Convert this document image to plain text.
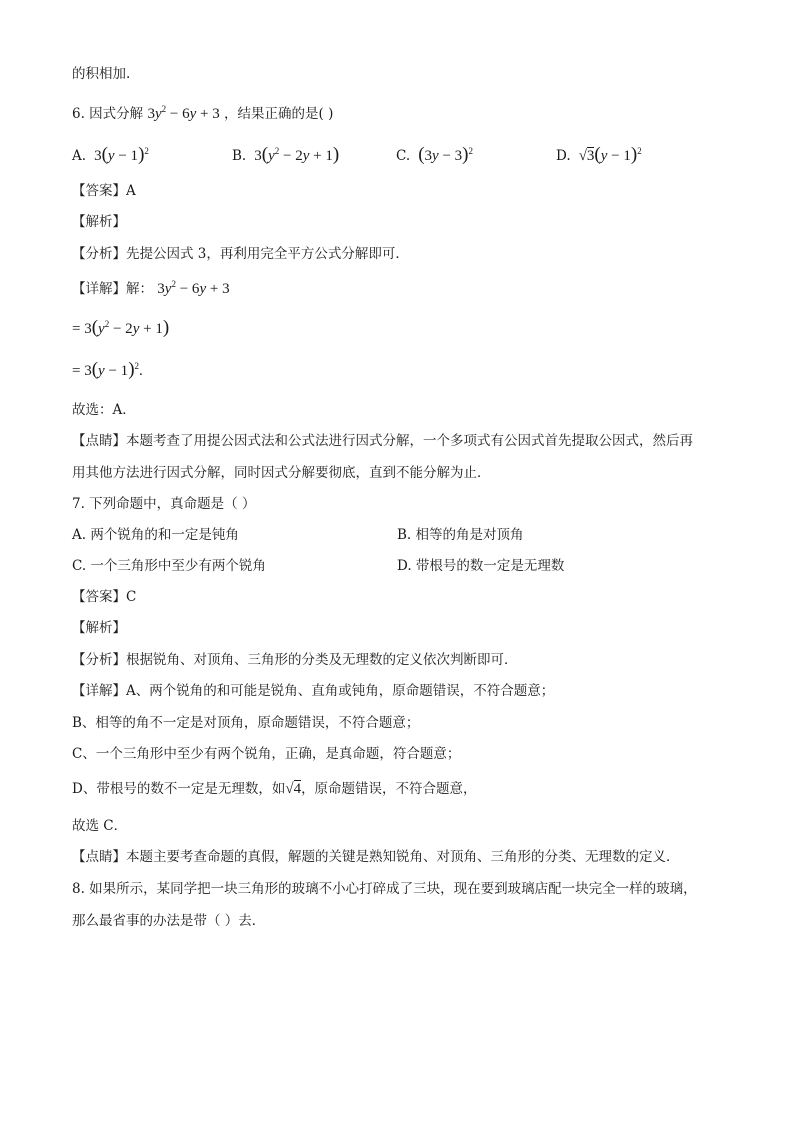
的积相加.
6. 因式分解 $3y^2 - 6y + 3$ ，结果正确的是( )
A.  $3(y - 1)^2$	B.  $3(y^2 - 2y + 1)$	C. $(3y - 3)^2$	D.  $√3(y - 1)^2$
【答案】A
【解析】
【分析】先提公因式 3，再利用完全平方公式分解即可．
【详解】解： $3y^2 - 6y + 3$
= $3(y^2 - 2y + 1)$
= $3(y - 1)^2$.
故选：A．
【点睛】本题考查了用提公因式法和公式法进行因式分解，一个多项式有公因式首先提取公因式，然后再
用其他方法进行因式分解，同时因式分解要彻底，直到不能分解为止．
7. 下列命题中，真命题是（ ）
A. 两个锐角的和一定是钝角	B. 相等的角是对顶角
C. 一个三角形中至少有两个锐角	D. 带根号的数一定是无理数
【答案】C
【解析】
【分析】根据锐角、对顶角、三角形的分类及无理数的定义依次判断即可．
【详解】A、两个锐角的和可能是锐角、直角或钝角，原命题错误，不符合题意；
B、相等的角不一定是对顶角，原命题错误，不符合题意；
C、一个三角形中至少有两个锐角，正确，是真命题，符合题意；
D、带根号的数不一定是无理数，如√4，原命题错误，不符合题意，
故选 C．
【点睛】本题主要考查命题的真假，解题的关键是熟知锐角、对顶角、三角形的分类、无理数的定义．
8. 如果所示，某同学把一块三角形的玻璃不小心打碎成了三块，现在要到玻璃店配一块完全一样的玻璃，
那么最省事的办法是带（ ）去．
